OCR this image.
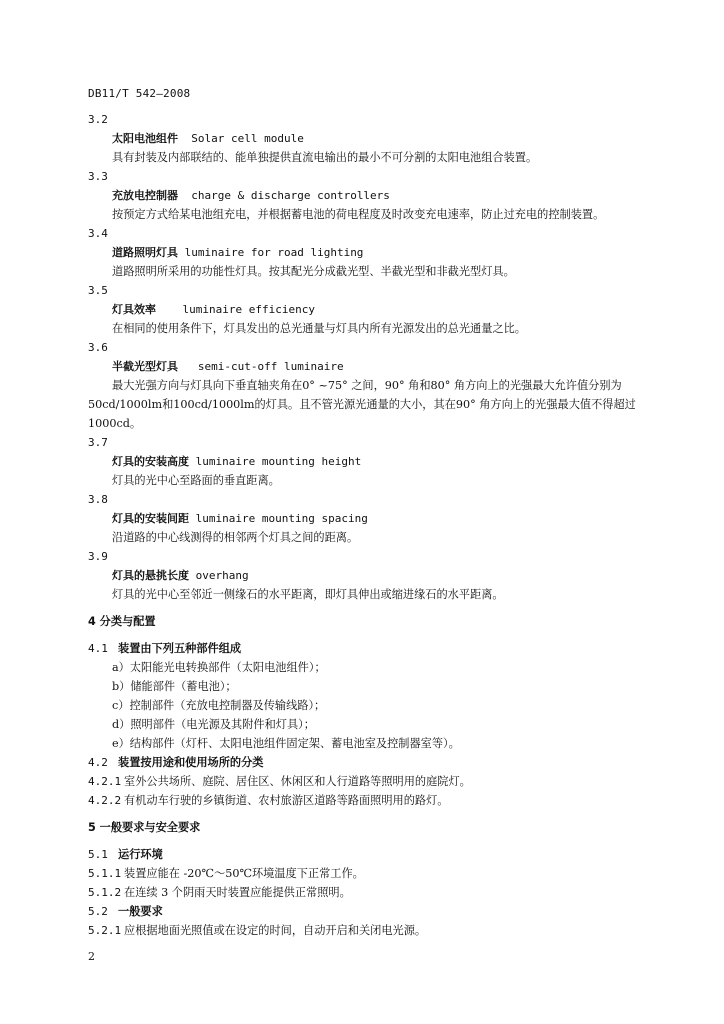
DB11/T 542—2008
3.2
太阳电池组件 Solar cell module
具有封装及内部联结的、能单独提供直流电输出的最小不可分割的太阳电池组合装置。
3.3
充放电控制器 charge & discharge controllers
按预定方式给某电池组充电，并根据蓄电池的荷电程度及时改变充电速率，防止过充电的控制装置。
3.4
道路照明灯具 luminaire for road lighting
道路照明所采用的功能性灯具。按其配光分成截光型、半截光型和非截光型灯具。
3.5
灯具效率 luminaire efficiency
在相同的使用条件下，灯具发出的总光通量与灯具内所有光源发出的总光通量之比。
3.6
半截光型灯具 semi-cut-off luminaire
最大光强方向与灯具向下垂直轴夹角在0° ~75° 之间，90° 角和80° 角方向上的光强最大允许值分别为50cd/1000lm和100cd/1000lm的灯具。且不管光源光通量的大小，其在90° 角方向上的光强最大值不得超过1000cd。
3.7
灯具的安装高度 luminaire mounting height
灯具的光中心至路面的垂直距离。
3.8
灯具的安装间距 luminaire mounting spacing
沿道路的中心线测得的相邻两个灯具之间的距离。
3.9
灯具的悬挑长度 overhang
灯具的光中心至邻近一侧缘石的水平距离，即灯具伸出或缩进缘石的水平距离。
4 分类与配置
4.1 装置由下列五种部件组成
a）太阳能光电转换部件（太阳电池组件）；
b）储能部件（蓄电池）；
c）控制部件（充放电控制器及传输线路）；
d）照明部件（电光源及其附件和灯具）；
e）结构部件（灯杆、太阳电池组件固定架、蓄电池室及控制器室等）。
4.2 装置按用途和使用场所的分类
4.2.1 室外公共场所、庭院、居住区、休闲区和人行道路等照明用的庭院灯。
4.2.2 有机动车行驶的乡镇街道、农村旅游区道路等路面照明用的路灯。
5 一般要求与安全要求
5.1 运行环境
5.1.1 装置应能在 -20℃～50℃环境温度下正常工作。
5.1.2 在连续 3 个阴雨天时装置应能提供正常照明。
5.2 一般要求
5.2.1 应根据地面光照值或在设定的时间，自动开启和关闭电光源。
2
